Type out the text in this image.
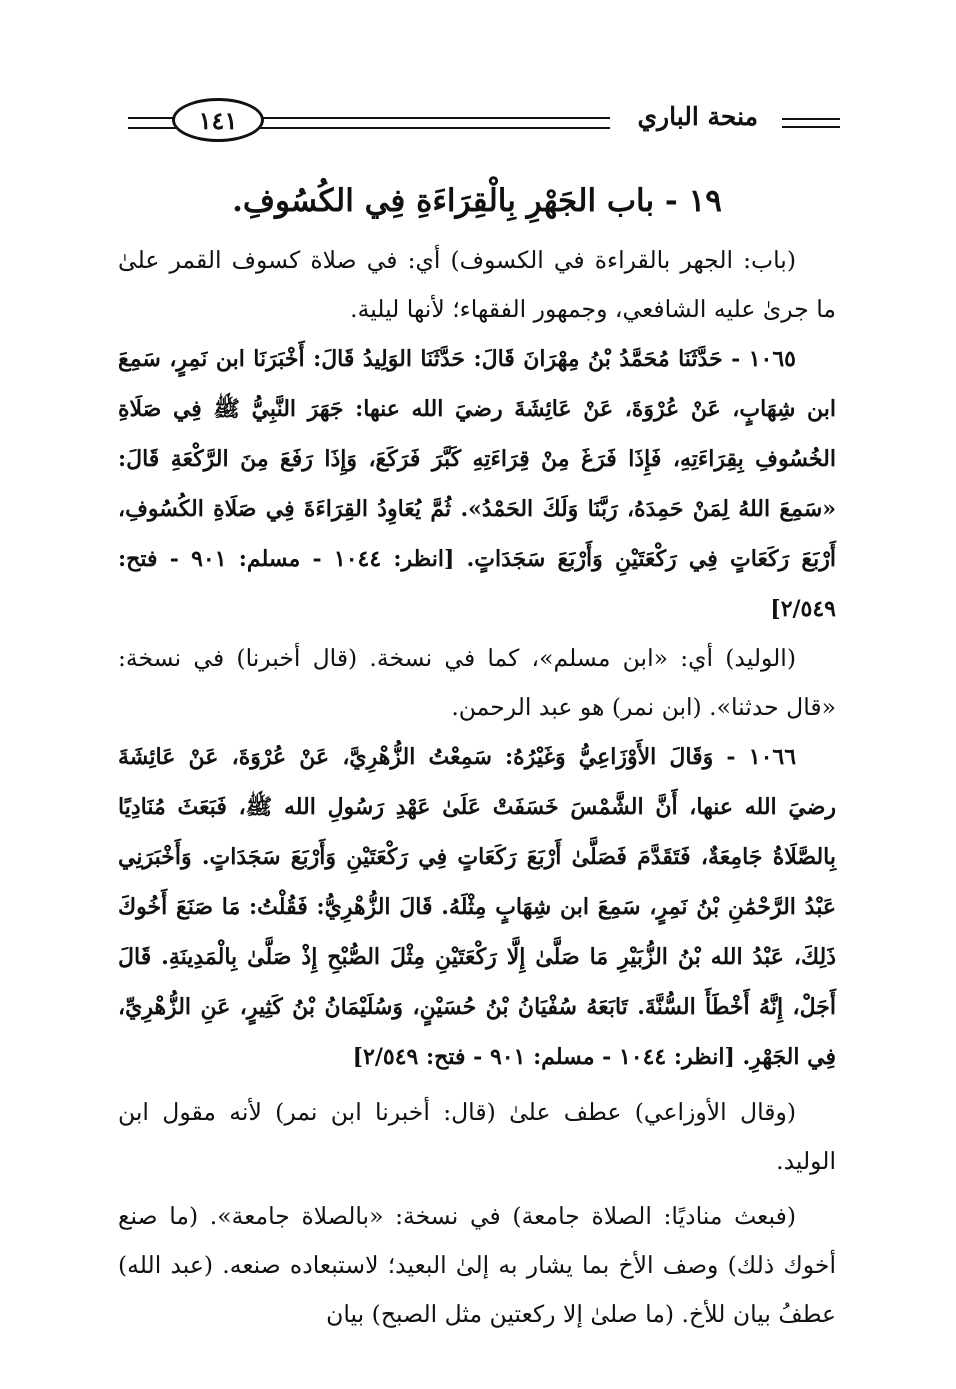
منحة الباري
١٤١
١٩ - باب الجَهْرِ بِالْقِرَاءَةِ فِي الكُسُوفِ.

(باب: الجهر بالقراءة في الكسوف) أي: في صلاة كسوف القمر علىٰ ما جرىٰ عليه الشافعي، وجمهور الفقهاء؛ لأنها ليلية.

١٠٦٥ - حَدَّثَنَا مُحَمَّدُ بْنُ مِهْرَانَ قَالَ: حَدَّثَنَا الوَلِيدُ قَالَ: أَخْبَرَنَا ابن نَمِرٍ، سَمِعَ ابن شِهَابٍ، عَنْ عُرْوَةَ، عَنْ عَائِشَةَ رضيَ الله عنها: جَهَرَ النَّبِيُّ ﷺ فِي صَلَاةِ الخُسُوفِ بِقِرَاءَتِهِ، فَإِذَا فَرَغَ مِنْ قِرَاءَتِهِ كَبَّرَ فَرَكَعَ، وَإِذَا رَفَعَ مِنَ الرَّكْعَةِ قَالَ: «سَمِعَ اللهُ لِمَنْ حَمِدَهُ، رَبَّنَا وَلَكَ الحَمْدُ». ثُمَّ يُعَاوِدُ القِرَاءَةَ فِي صَلَاةِ الكُسُوفِ، أَرْبَعَ رَكَعَاتٍ فِي رَكْعَتَيْنِ وَأَرْبَعَ سَجَدَاتٍ. [انظر: ١٠٤٤ - مسلم: ٩٠١ - فتح: ٢/٥٤٩]

(الوليد) أي: «ابن مسلم»، كما في نسخة. (قال أخبرنا) في نسخة: «قال حدثنا». (ابن نمر) هو عبد الرحمن.

١٠٦٦ - وَقَالَ الأَوْزَاعِيُّ وَغَيْرُهُ: سَمِعْتُ الزُّهْرِيَّ، عَنْ عُرْوَةَ، عَنْ عَائِشَةَ رضيَ الله عنها، أَنَّ الشَّمْسَ خَسَفَتْ عَلَىٰ عَهْدِ رَسُولِ الله ﷺ، فَبَعَثَ مُنَادِيًا بِالصَّلَاةُ جَامِعَةٌ، فَتَقَدَّمَ فَصَلَّىٰ أَرْبَعَ رَكَعَاتٍ فِي رَكْعَتَيْنِ وَأَرْبَعَ سَجَدَاتٍ. وَأَخْبَرَنِي عَبْدُ الرَّحْمَٰنِ بْنُ نَمِرٍ، سَمِعَ ابن شِهَابٍ مِثْلَهُ. قَالَ الزُّهْرِيُّ: فَقُلْتُ: مَا صَنَعَ أَخُوكَ ذَلِكَ، عَبْدُ الله بْنُ الزُّبَيْرِ مَا صَلَّىٰ إِلَّا رَكْعَتَيْنِ مِثْلَ الصُّبْحِ إِذْ صَلَّىٰ بِالْمَدِينَةِ. قَالَ أَجَلْ، إِنَّهُ أَخْطَأَ السُّنَّةَ. تَابَعَهُ سُفْيَانُ بْنُ حُسَيْنٍ، وَسُلَيْمَانُ بْنُ كَثِيرٍ، عَنِ الزُّهْرِيِّ، فِي الجَهْرِ. [انظر: ١٠٤٤ - مسلم: ٩٠١ - فتح: ٢/٥٤٩]

(وقال الأوزاعي) عطف علىٰ (قال: أخبرنا ابن نمر) لأنه مقول ابن الوليد.

(فبعث مناديًا: الصلاة جامعة) في نسخة: «بالصلاة جامعة». (ما صنع أخوك ذلك) وصف الأخ بما يشار به إلىٰ البعيد؛ لاستبعاده صنعه. (عبد الله) عطفُ بيان للأخ. (ما صلىٰ إلا ركعتين مثل الصبح) بيان
